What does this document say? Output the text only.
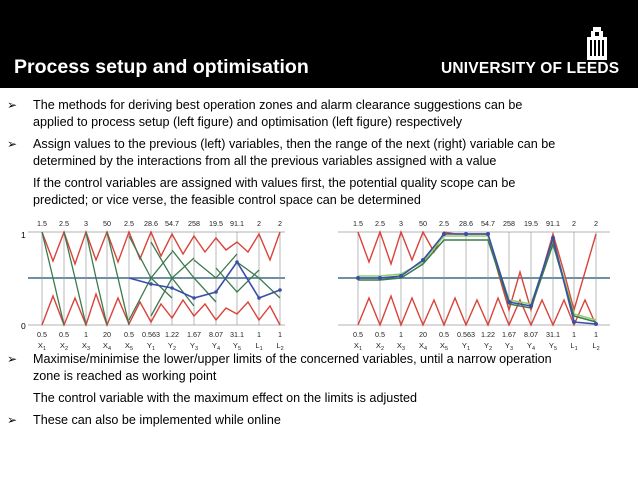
Process setup and optimisation	UNIVERSITY OF LEEDS
➢ The methods for deriving best operation zones and alarm clearance suggestions can be
applied to process setup (left figure) and optimisation (left figure) respectively
➢ Assign values to the previous (left) variables, then the range of the next (right) variable can be
determined by the interactions from all the previous variables assigned with a value
If the control variables are assigned with values first, the potential quality scope can be
predicted; or vice verse, the feasible control space can be determined
1
0
1.5 2.5 3 50 2.5 28.6 54.7 258 19.5 91.1 2 2
0.5 0.5 1 20 0.5 0.563 1.22 1.67 8.07 31.1 1 1
$X_1$ $X_2$ $X_3$ $X_4$ $X_5$ $Y_1$ $Y_2$ $Y_3$ $Y_4$ $Y_5$ $L_1$ $L_2$
1.5 2.5 3 50 2.5 28.6 54.7 258 19.5 91.1 2	2
0.5 0.5 1 20 0.5 0.563 1.22 1.67 8.07 31.1 1	1
$X_1$ $X_2$ $X_3$ $X_4$ $X_5$ $Y_1$ $Y_2$ $Y_3$ $Y_4$ $Y_5$ $L_1$ $L_2$
➢ Maximise/minimise the lower/upper limits of the concerned variables, until a narrow operation
zone is reached as working point
The control variable with the maximum effect on the limits is adjusted
➢ These can also be implemented while online
